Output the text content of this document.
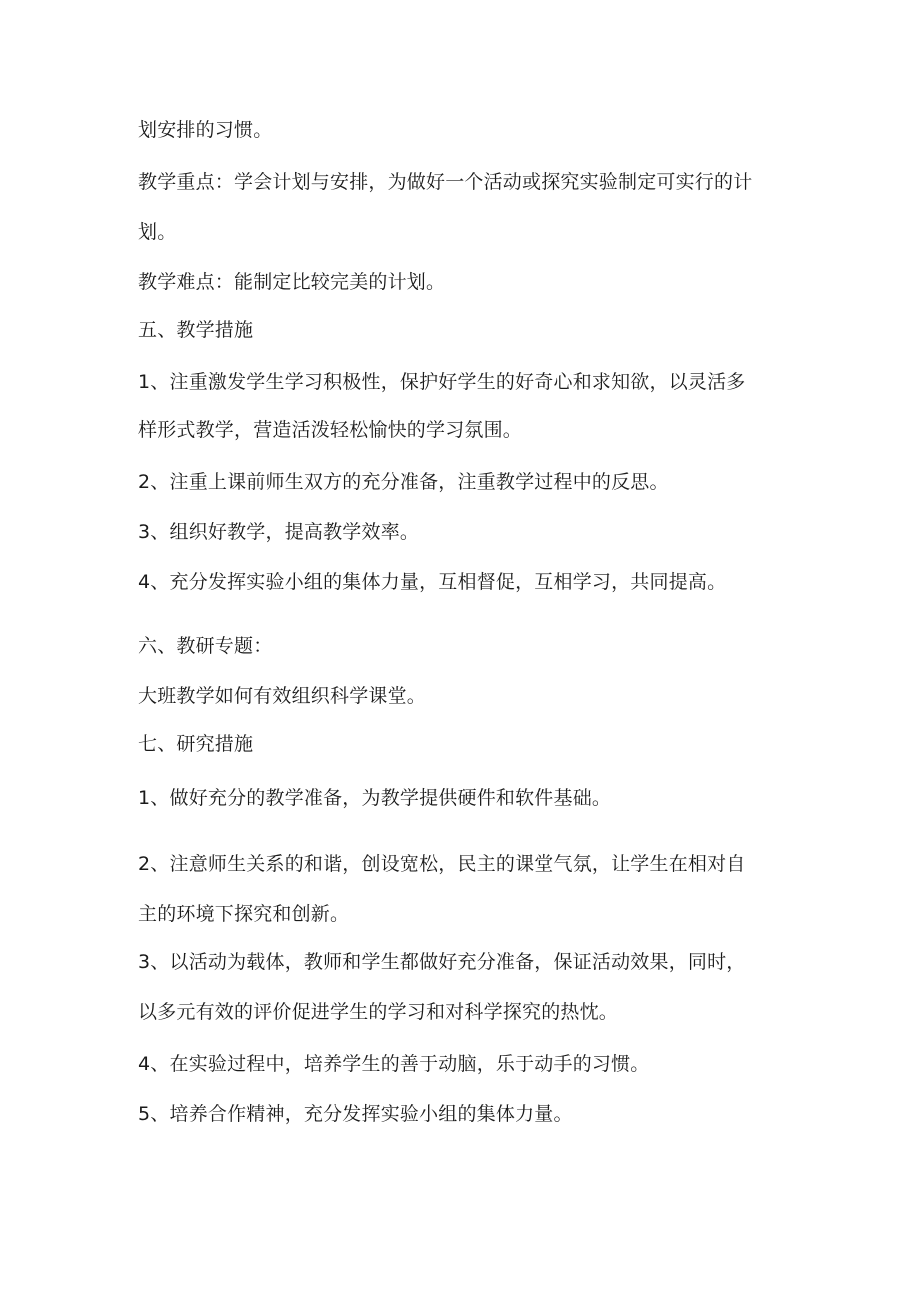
划安排的习惯。
教学重点：学会计划与安排，为做好一个活动或探究实验制定可实行的计
划。
教学难点：能制定比较完美的计划。
五、教学措施
1、注重激发学生学习积极性，保护好学生的好奇心和求知欲，以灵活多
样形式教学，营造活泼轻松愉快的学习氛围。
2、注重上课前师生双方的充分准备，注重教学过程中的反思。
3、组织好教学，提高教学效率。
4、充分发挥实验小组的集体力量，互相督促，互相学习，共同提高。
六、教研专题：
大班教学如何有效组织科学课堂。
七、研究措施
1、做好充分的教学准备，为教学提供硬件和软件基础。
2、注意师生关系的和谐，创设宽松，民主的课堂气氛，让学生在相对自
主的环境下探究和创新。
3、以活动为载体，教师和学生都做好充分准备，保证活动效果，同时，
以多元有效的评价促进学生的学习和对科学探究的热忱。
4、在实验过程中，培养学生的善于动脑，乐于动手的习惯。
5、培养合作精神，充分发挥实验小组的集体力量。
